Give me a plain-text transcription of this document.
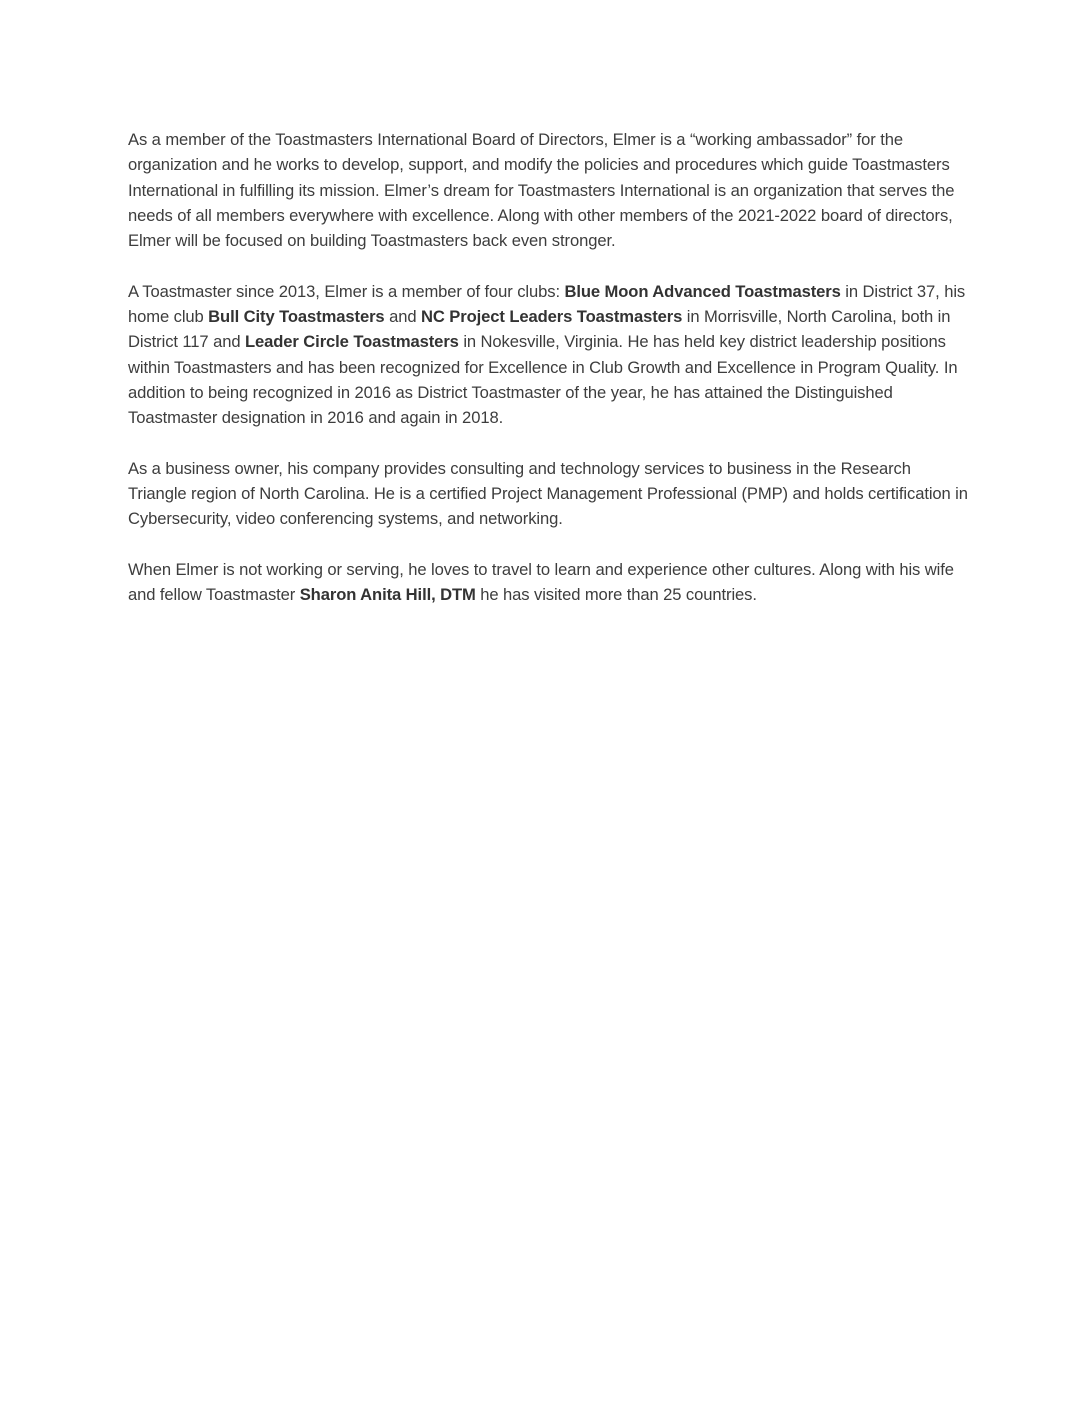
As a member of the Toastmasters International Board of Directors, Elmer is a “working ambassador” for the organization and he works to develop, support, and modify the policies and procedures which guide Toastmasters International in fulfilling its mission. Elmer’s dream for Toastmasters International is an organization that serves the needs of all members everywhere with excellence. Along with other members of the 2021-2022 board of directors, Elmer will be focused on building Toastmasters back even stronger.

A Toastmaster since 2013, Elmer is a member of four clubs: Blue Moon Advanced Toastmasters in District 37, his home club Bull City Toastmasters and NC Project Leaders Toastmasters in Morrisville, North Carolina, both in District 117 and Leader Circle Toastmasters in Nokesville, Virginia. He has held key district leadership positions within Toastmasters and has been recognized for Excellence in Club Growth and Excellence in Program Quality. In addition to being recognized in 2016 as District Toastmaster of the year, he has attained the Distinguished Toastmaster designation in 2016 and again in 2018.

As a business owner, his company provides consulting and technology services to business in the Research Triangle region of North Carolina. He is a certified Project Management Professional (PMP) and holds certification in Cybersecurity, video conferencing systems, and networking.

When Elmer is not working or serving, he loves to travel to learn and experience other cultures. Along with his wife and fellow Toastmaster Sharon Anita Hill, DTM he has visited more than 25 countries.
